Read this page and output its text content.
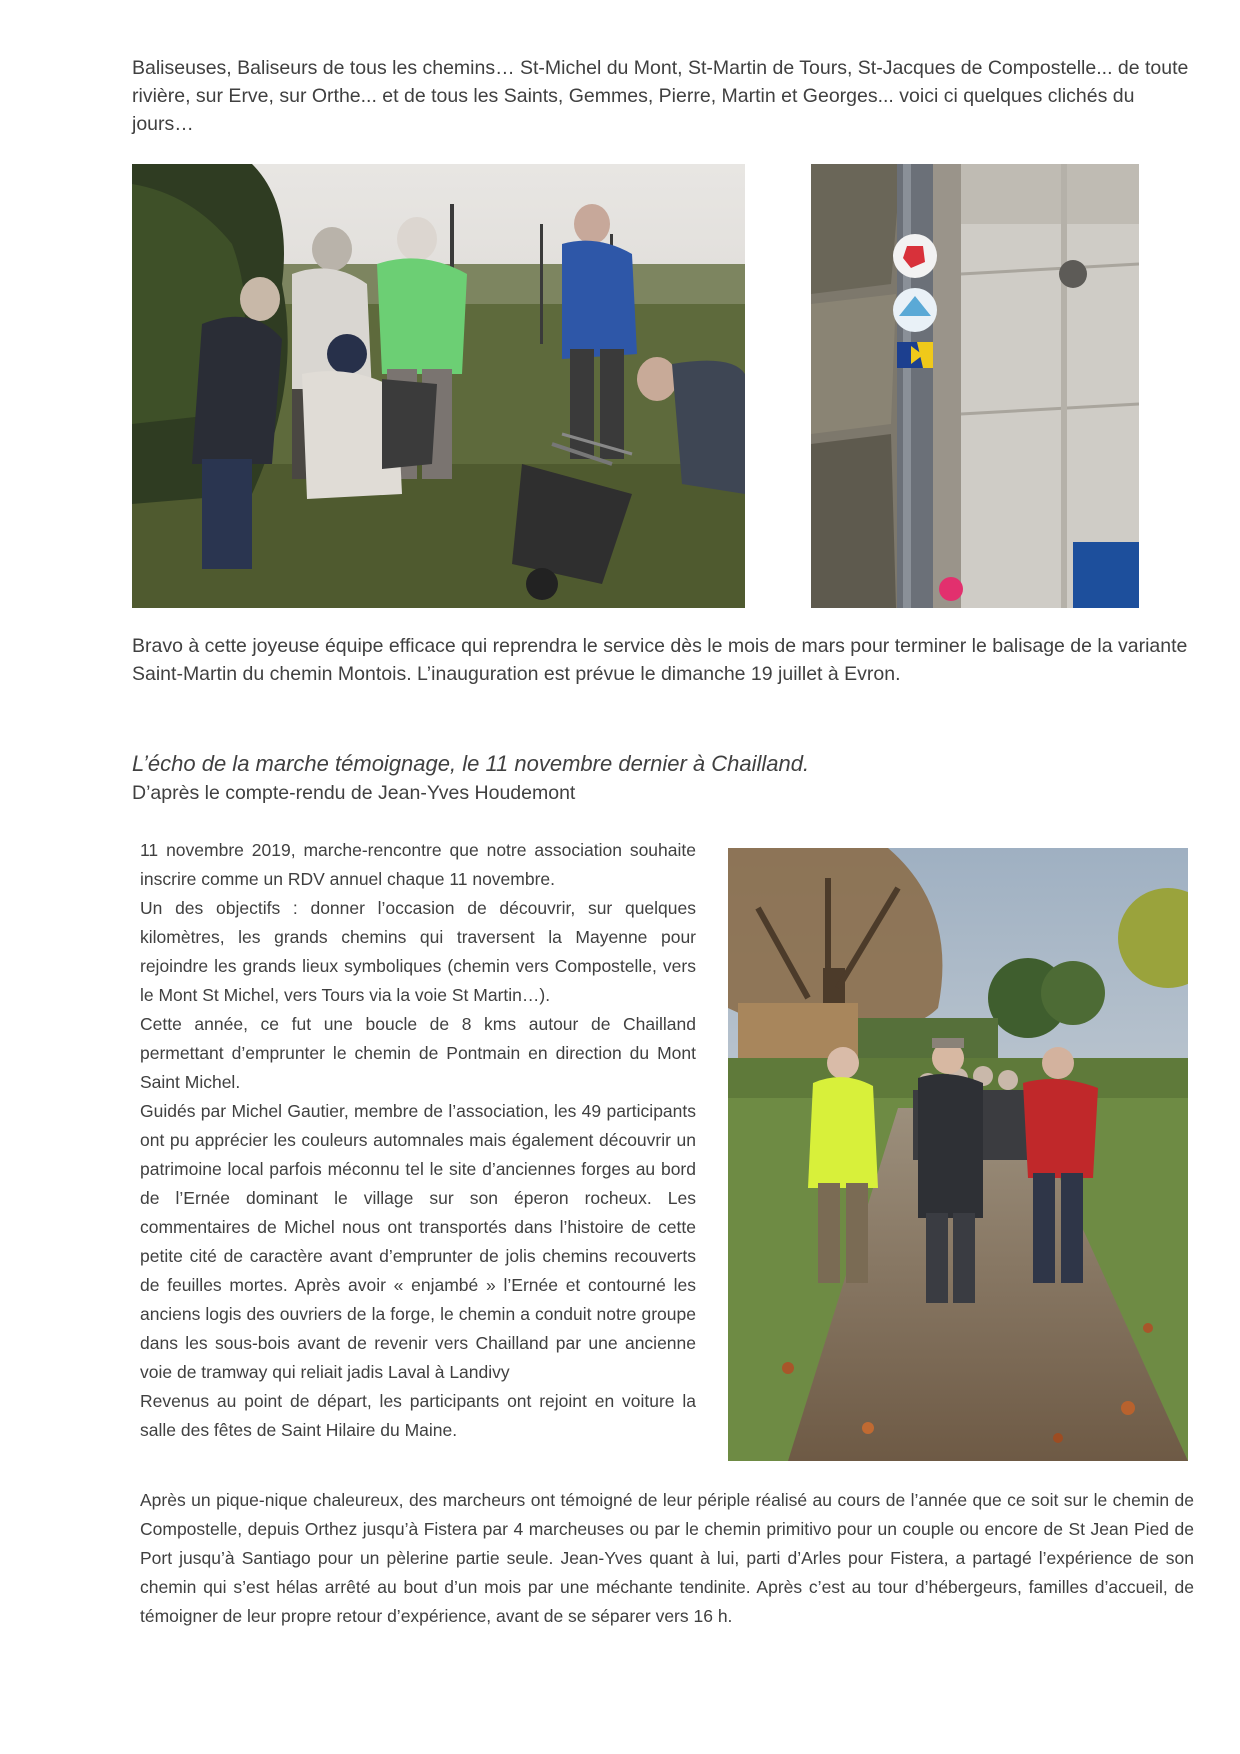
Baliseuses, Baliseurs de tous les chemins… St-Michel du Mont, St-Martin de Tours, St-Jacques de Compostelle... de toute rivière, sur Erve, sur Orthe... et de tous les Saints, Gemmes, Pierre, Martin et Georges... voici ci quelques clichés du jours…
Bravo à cette joyeuse équipe efficace qui reprendra le service dès le mois de mars pour terminer le balisage de la variante Saint-Martin du chemin Montois. L’inauguration est prévue le dimanche 19 juillet à Evron.
L’écho de la marche témoignage, le 11 novembre dernier à Chailland.
D’après le compte-rendu de Jean-Yves Houdemont

11 novembre 2019, marche-rencontre que notre association souhaite inscrire comme un RDV annuel chaque 11 novembre.

Un des objectifs : donner l’occasion de découvrir, sur quelques kilomètres, les grands chemins qui traversent la Mayenne pour rejoindre les grands lieux symboliques (chemin vers Compostelle, vers le Mont St Michel, vers Tours via la voie St Martin…).

Cette année, ce fut une boucle de 8 kms autour de Chailland permettant d’emprunter le chemin de Pontmain en direction du Mont Saint Michel.

Guidés par Michel Gautier, membre de l’association, les 49 participants ont pu apprécier les couleurs automnales mais également découvrir un patrimoine local parfois méconnu tel le site d’anciennes forges au bord de l’Ernée dominant le village sur son éperon rocheux. Les commentaires de Michel nous ont transportés dans l’histoire de cette petite cité de caractère avant d’emprunter de jolis chemins recouverts de feuilles mortes. Après avoir « enjambé » l’Ernée et contourné les anciens logis des ouvriers de la forge, le chemin a conduit notre groupe dans les sous-bois avant de revenir vers Chailland par une ancienne voie de tramway qui reliait jadis Laval à Landivy

Revenus au point de départ, les participants ont rejoint en voiture la salle des fêtes de Saint Hilaire du Maine.

Après un pique-nique chaleureux, des marcheurs ont témoigné de leur périple réalisé au cours de l’année que ce soit sur le chemin de Compostelle, depuis Orthez jusqu’à Fistera par 4 marcheuses ou par le chemin primitivo pour un couple ou encore de St Jean Pied de Port jusqu’à Santiago pour un pèlerine partie seule. Jean-Yves quant à lui, parti d’Arles pour Fistera, a partagé l’expérience de son chemin qui s’est hélas arrêté au bout d’un mois par une méchante tendinite. Après c’est au tour d’hébergeurs, familles d’accueil, de témoigner de leur propre retour d’expérience, avant de se séparer vers 16 h.
